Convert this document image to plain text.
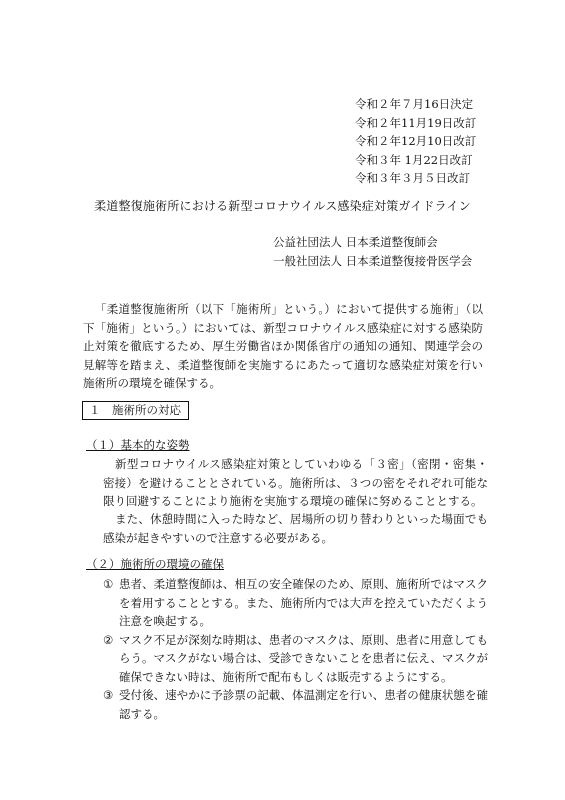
令和２年７月16日決定
令和２年11月19日改訂
令和２年12月10日改訂
令和３年 1月22日改訂
令和３年３月５日改訂
柔道整復施術所における新型コロナウイルス感染症対策ガイドライン
公益社団法人 日本柔道整復師会
一般社団法人 日本柔道整復接骨医学会
「柔道整復施術所（以下「施術所」という。）において提供する施術」（以下「施術」という。）においては、新型コロナウイルス感染症に対する感染防止対策を徹底するため、厚生労働省ほか関係省庁の通知の通知、関連学会の見解等を踏まえ、柔道整復師を実施するにあたって適切な感染症対策を行い施術所の環境を確保する。
１　施術所の対応
（１）基本的な姿勢
新型コロナウイルス感染症対策としていわゆる「３密」（密閉・密集・密接）を避けることとされている。施術所は、３つの密をそれぞれ可能な限り回避することにより施術を実施する環境の確保に努めることとする。
また、休憩時間に入った時など、居場所の切り替わりといった場面でも感染が起きやすいので注意する必要がある。
（２）施術所の環境の確保
① 患者、柔道整復師は、相互の安全確保のため、原則、施術所ではマスクを着用することとする。また、施術所内では大声を控えていただくよう注意を喚起する。
② マスク不足が深刻な時期は、患者のマスクは、原則、患者に用意してもらう。マスクがない場合は、受診できないことを患者に伝え、マスクが確保できない時は、施術所で配布もしくは販売するようにする。
③ 受付後、速やかに予診票の記載、体温測定を行い、患者の健康状態を確認する。
